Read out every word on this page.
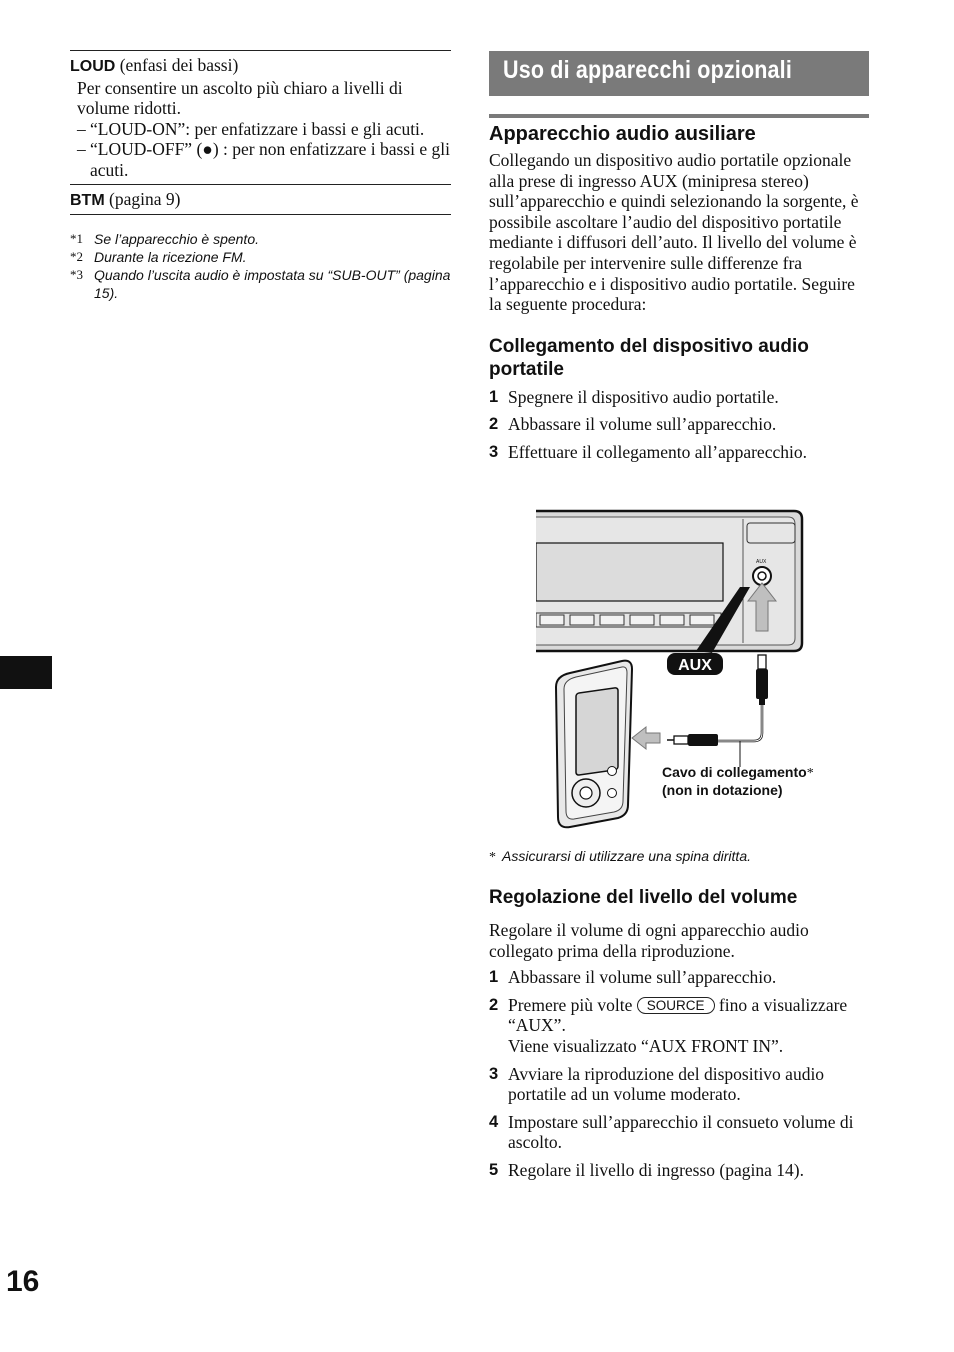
LOUD (enfasi dei bassi)
Per consentire un ascolto più chiaro a livelli di volume ridotti.
– “LOUD-ON”: per enfatizzare i bassi e gli acuti.
– “LOUD-OFF” (●) : per non enfatizzare i bassi e gli acuti.
BTM (pagina 9)
*1 Se l’apparecchio è spento.
*2 Durante la ricezione FM.
*3 Quando l’uscita audio è impostata su “SUB-OUT” (pagina 15).
Uso di apparecchi opzionali
Apparecchio audio ausiliare
Collegando un dispositivo audio portatile opzionale alla prese di ingresso AUX (minipresa stereo) sull’apparecchio e quindi selezionando la sorgente, è possibile ascoltare l’audio del dispositivo portatile mediante i diffusori dell’auto. Il livello del volume è regolabile per intervenire sulle differenze fra l’apparecchio e i dispositivo audio portatile. Seguire la seguente procedura:
Collegamento del dispositivo audio portatile
1 Spegnere il dispositivo audio portatile.
2 Abbassare il volume sull’apparecchio.
3 Effettuare il collegamento all’apparecchio.
AUX
AUX
Cavo di collegamento*
(non in dotazione)
* Assicurarsi di utilizzare una spina diritta.
Regolazione del livello del volume
Regolare il volume di ogni apparecchio audio collegato prima della riproduzione.
1 Abbassare il volume sull’apparecchio.
2 Premere più volte SOURCE fino a visualizzare “AUX”.
Viene visualizzato “AUX FRONT IN”.
3 Avviare la riproduzione del dispositivo audio portatile ad un volume moderato.
4 Impostare sull’apparecchio il consueto volume di ascolto.
5 Regolare il livello di ingresso (pagina 14).
16
